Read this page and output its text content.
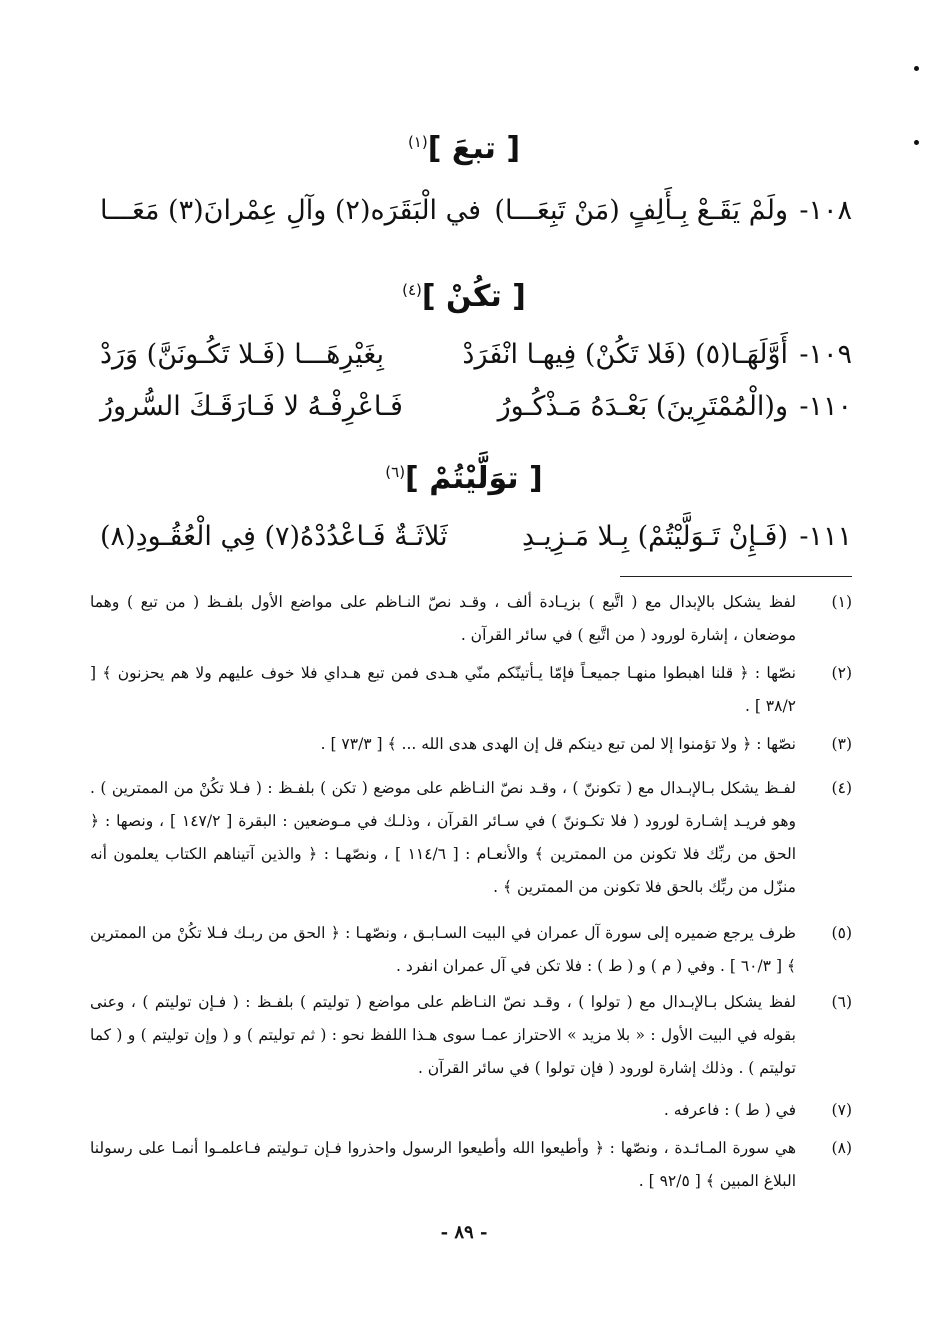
[ تبعَ ]$^{(١)}$
١٠٨-
ولَمْ يَقَـعْ بِـأَلِفٍ (مَنْ تَبِعَـــا)
في الْبَقَرَه(٢) وآلِ عِمْرانَ(٣) مَعَـــا
[ تكُنْ ]$^{(٤)}$
١٠٩-
أَوَّلَهَـا(٥) (فَلا تَكُنْ) فِيهـا انْفَرَدْ
بِغَيْرِهَـــا (فَـلا تَكُـونَنَّ) وَرَدْ
١١٠-
و(الْمُمْتَرِينَ) بَعْـدَهُ مَـذْكُـورُ
فَـاعْرِفْـهُ لا فَـارَقَـكَ السُّرورُ
[ توَلَّيْتُمْ ]$^{(٦)}$
١١١-
(فَـإِنْ تَـوَلَّيْتُمْ) بِـلا مَـزِيـدِ
ثَلاثَـةٌ فَـاعْدُدْهُ(٧) فِي الْعُقُـودِ(٨)
(١)
لفظ يشكل بالإبدال مع ( اتَّبع ) بزيـادة ألف ، وقـد نصّ النـاظم على مواضع الأول بلفـظ ( من تبع ) وهما موضعان ، إشارة لورود ( من اتَّبع ) في سائر القرآن .
(٢)
نصّها : ﴿ قلنا اهبطوا منهـا جميعـاً فإمّا يـأتينّكم منّي هـدى فمن تبع هـداي فلا خوف عليهم ولا هم يحزنون ﴾ [ ٣٨/٢ ] .
(٣)
نصّها : ﴿ ولا تؤمنوا إلا لمن تبع دينكم قل إن الهدى هدى الله ... ﴾ [ ٧٣/٣ ] .
(٤)
لفـظ يشكل بـالإبـدال مع ( تكوننّ ) ، وقـد نصّ النـاظم على موضع ( تكن ) بلفـظ : ( فـلا تكُنْ من الممترين ) . وهو فريـد إشـارة لورود ( فلا تكـوننّ ) في سـائر القرآن ، وذلـك في مـوضعين : البقرة [ ١٤٧/٢ ] ، ونصها : ﴿ الحق من ربِّك فلا تكونن من الممترين ﴾ والأنعـام : [ ١١٤/٦ ] ، ونصّهـا : ﴿ والذين آتيناهم الكتاب يعلمون أنه منزّل من ربِّك بالحق فلا تكونن من الممترين ﴾ .
(٥)
ظرف يرجع ضميره إلى سورة آل عمران في البيت السـابـق ، ونصّهـا : ﴿ الحق من ربـك فـلا تكُنْ من الممترين ﴾ [ ٦٠/٣ ] . وفي ( م ) و ( ط ) : فلا تكن في آل عمران انفرد .
(٦)
لفظ يشكل بـالإبـدال مع ( تولوا ) ، وقـد نصّ النـاظم على مواضع ( توليتم ) بلفـظ : ( فـإن توليتم ) ، وعنى بقوله في البيت الأول : « بلا مزيد » الاحتراز عمـا سوى هـذا اللفظ نحو : ( ثم توليتم ) و ( وإن توليتم ) و ( كما توليتم ) . وذلك إشارة لورود ( فإن تولوا ) في سائر القرآن .
(٧)
في ( ط ) : فاعرفه .
(٨)
هي سورة المـائـدة ، ونصّها : ﴿ وأطيعوا الله وأطيعوا الرسول واحذروا فـإن تـوليتم فـاعلمـوا أنمـا على رسولنا البلاغ المبين ﴾ [ ٩٢/٥ ] .
- ٨٩ -
